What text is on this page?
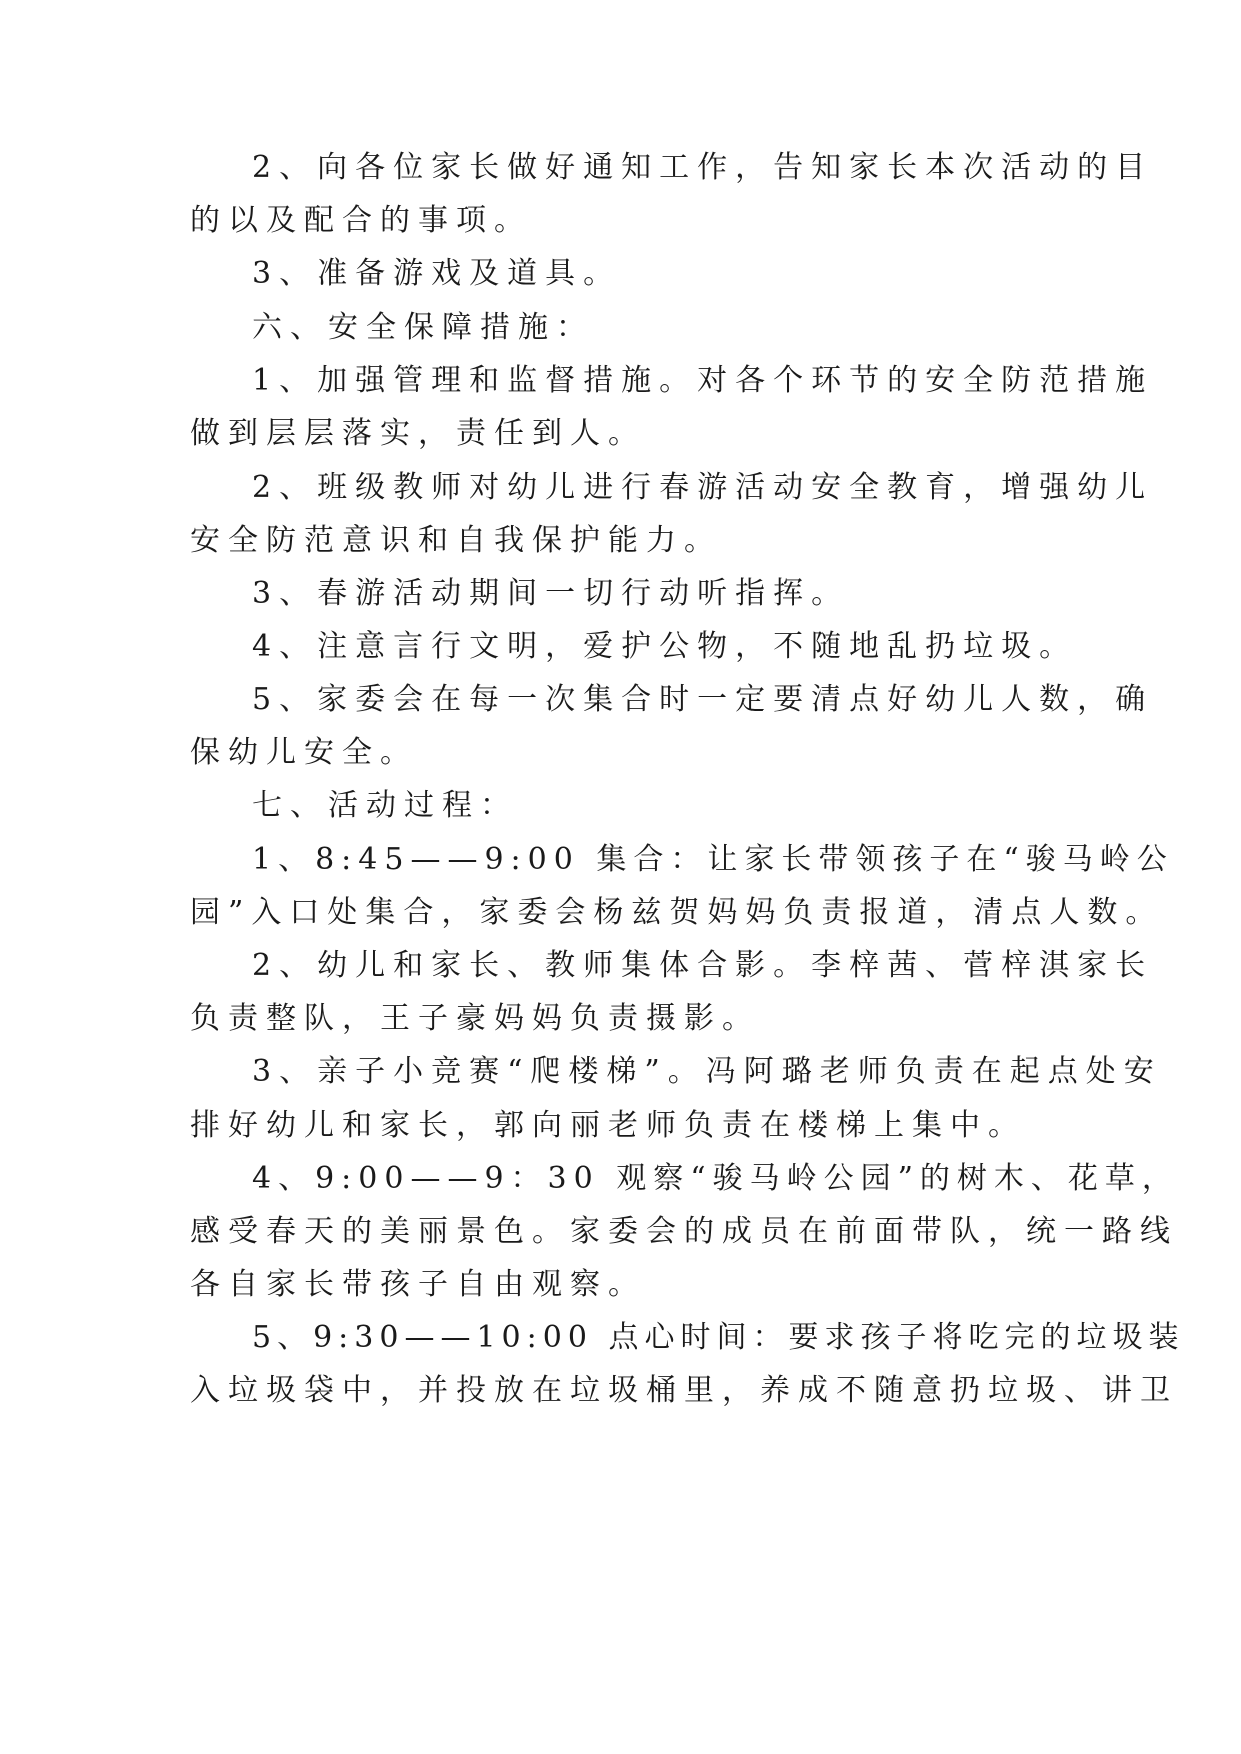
2、向各位家长做好通知工作，告知家长本次活动的目

的以及配合的事项。

3、准备游戏及道具。

六、安全保障措施：

1、加强管理和监督措施。对各个环节的安全防范措施

做到层层落实，责任到人。

2、班级教师对幼儿进行春游活动安全教育，增强幼儿

安全防范意识和自我保护能力。

3、春游活动期间一切行动听指挥。

4、注意言行文明，爱护公物，不随地乱扔垃圾。

5、家委会在每一次集合时一定要清点好幼儿人数，确

保幼儿安全。

七、活动过程：

1、8:45——9:00 集合：让家长带领孩子在“骏马岭公

园”入口处集合，家委会杨兹贺妈妈负责报道，清点人数。

2、幼儿和家长、教师集体合影。李梓茜、菅梓淇家长

负责整队，王子豪妈妈负责摄影。

3、亲子小竞赛“爬楼梯”。冯阿璐老师负责在起点处安

排好幼儿和家长，郭向丽老师负责在楼梯上集中。

4、9:00——9：30 观察“骏马岭公园”的树木、花草，

感受春天的美丽景色。家委会的成员在前面带队，统一路线

各自家长带孩子自由观察。

5、9:30——10:00 点心时间：要求孩子将吃完的垃圾装

入垃圾袋中，并投放在垃圾桶里，养成不随意扔垃圾、讲卫
